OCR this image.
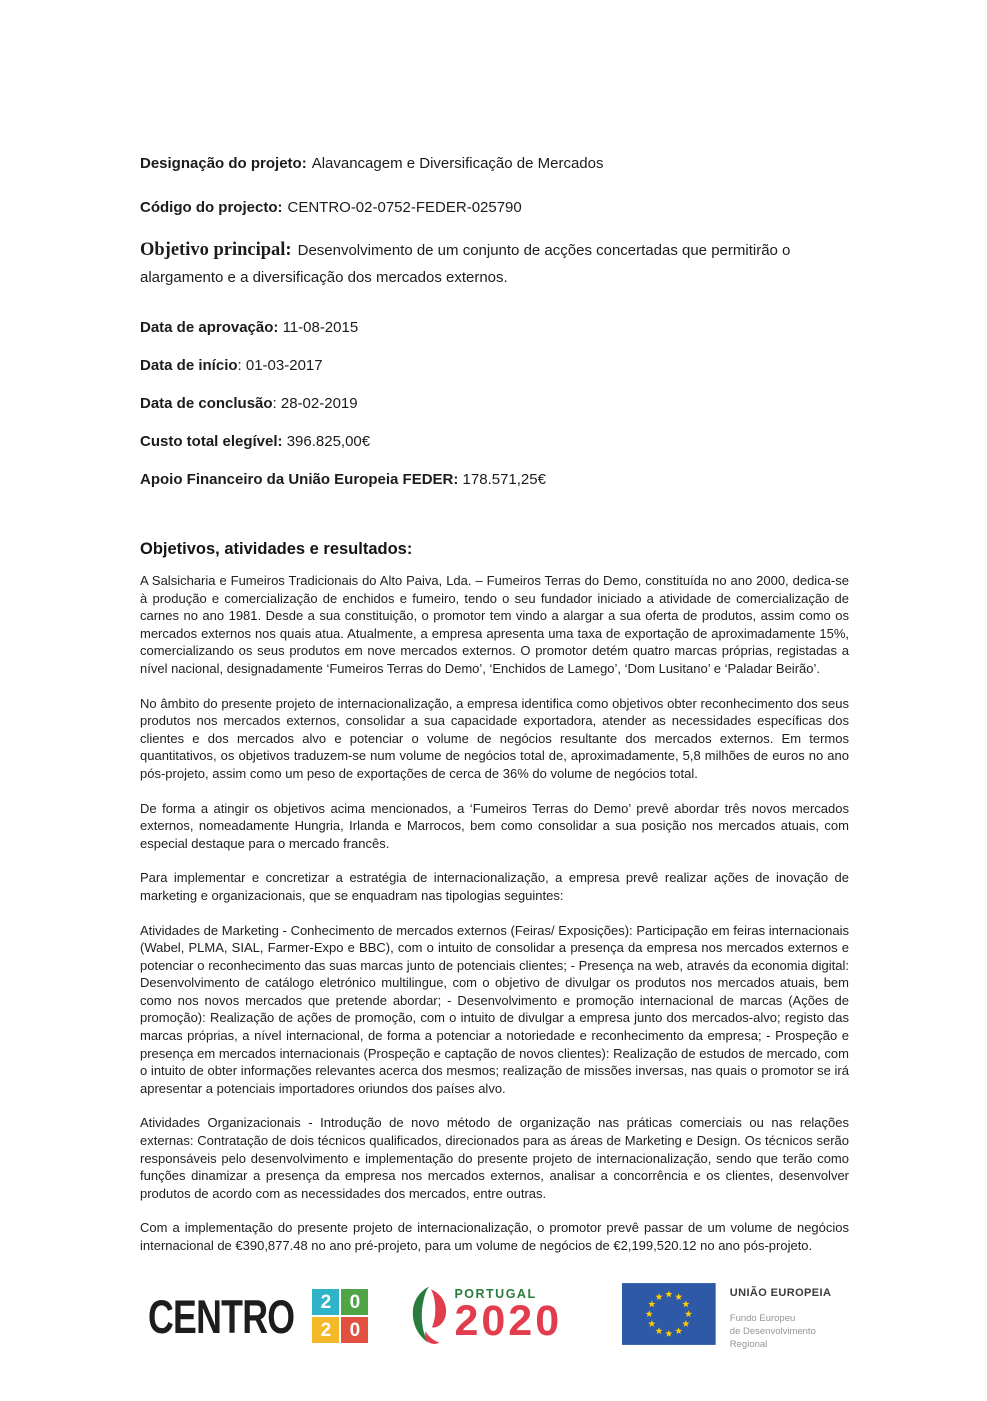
Designação do projeto: Alavancagem e Diversificação de Mercados

Código do projecto: CENTRO-02-0752-FEDER-025790

Objetivo principal: Desenvolvimento de um conjunto de acções concertadas que permitirão o alargamento e a diversificação dos mercados externos.

Data de aprovação: 11-08-2015

Data de início: 01-03-2017

Data de conclusão: 28-02-2019

Custo total elegível: 396.825,00€

Apoio Financeiro da União Europeia FEDER: 178.571,25€

Objetivos, atividades e resultados:

A Salsicharia e Fumeiros Tradicionais do Alto Paiva, Lda. – Fumeiros Terras do Demo, constituída no ano 2000, dedica-se à produção e comercialização de enchidos e fumeiro, tendo o seu fundador iniciado a atividade de comercialização de carnes no ano 1981. Desde a sua constituição, o promotor tem vindo a alargar a sua oferta de produtos, assim como os mercados externos nos quais atua. Atualmente, a empresa apresenta uma taxa de exportação de aproximadamente 15%, comercializando os seus produtos em nove mercados externos. O promotor detém quatro marcas próprias, registadas a nível nacional, designadamente ‘Fumeiros Terras do Demo’, ‘Enchidos de Lamego’, ‘Dom Lusitano’ e ‘Paladar Beirão’.

No âmbito do presente projeto de internacionalização, a empresa identifica como objetivos obter reconhecimento dos seus produtos nos mercados externos, consolidar a sua capacidade exportadora, atender as necessidades específicas dos clientes e dos mercados alvo e potenciar o volume de negócios resultante dos mercados externos. Em termos quantitativos, os objetivos traduzem-se num volume de negócios total de, aproximadamente, 5,8 milhões de euros no ano pós-projeto, assim como um peso de exportações de cerca de 36% do volume de negócios total.

De forma a atingir os objetivos acima mencionados, a ‘Fumeiros Terras do Demo’ prevê abordar três novos mercados externos, nomeadamente Hungria, Irlanda e Marrocos, bem como consolidar a sua posição nos mercados atuais, com especial destaque para o mercado francês.

Para implementar e concretizar a estratégia de internacionalização, a empresa prevê realizar ações de inovação de marketing e organizacionais, que se enquadram nas tipologias seguintes:

Atividades de Marketing - Conhecimento de mercados externos (Feiras/ Exposições): Participação em feiras internacionais (Wabel, PLMA, SIAL, Farmer-Expo e BBC), com o intuito de consolidar a presença da empresa nos mercados externos e potenciar o reconhecimento das suas marcas junto de potenciais clientes; - Presença na web, através da economia digital: Desenvolvimento de catálogo eletrónico multilingue, com o objetivo de divulgar os produtos nos mercados atuais, bem como nos novos mercados que pretende abordar; - Desenvolvimento e promoção internacional de marcas (Ações de promoção): Realização de ações de promoção, com o intuito de divulgar a empresa junto dos mercados-alvo; registo das marcas próprias, a nível internacional, de forma a potenciar a notoriedade e reconhecimento da empresa; - Prospeção e presença em mercados internacionais (Prospeção e captação de novos clientes): Realização de estudos de mercado, com o intuito de obter informações relevantes acerca dos mesmos; realização de missões inversas, nas quais o promotor se irá apresentar a potenciais importadores oriundos dos países alvo.

Atividades Organizacionais - Introdução de novo método de organização nas práticas comerciais ou nas relações externas: Contratação de dois técnicos qualificados, direcionados para as áreas de Marketing e Design. Os técnicos serão responsáveis pelo desenvolvimento e implementação do presente projeto de internacionalização, sendo que terão como funções dinamizar a presença da empresa nos mercados externos, analisar a concorrência e os clientes, desenvolver produtos de acordo com as necessidades dos mercados, entre outras.

Com a implementação do presente projeto de internacionalização, o promotor prevê passar de um volume de negócios internacional de €390,877.48 no ano pré-projeto, para um volume de negócios de €2,199,520.12 no ano pós-projeto.

CENTRO	2 0
2 0
PORTUGAL
2020
UNIÃO EUROPEIA
Fundo Europeu
de Desenvolvimento Regional
